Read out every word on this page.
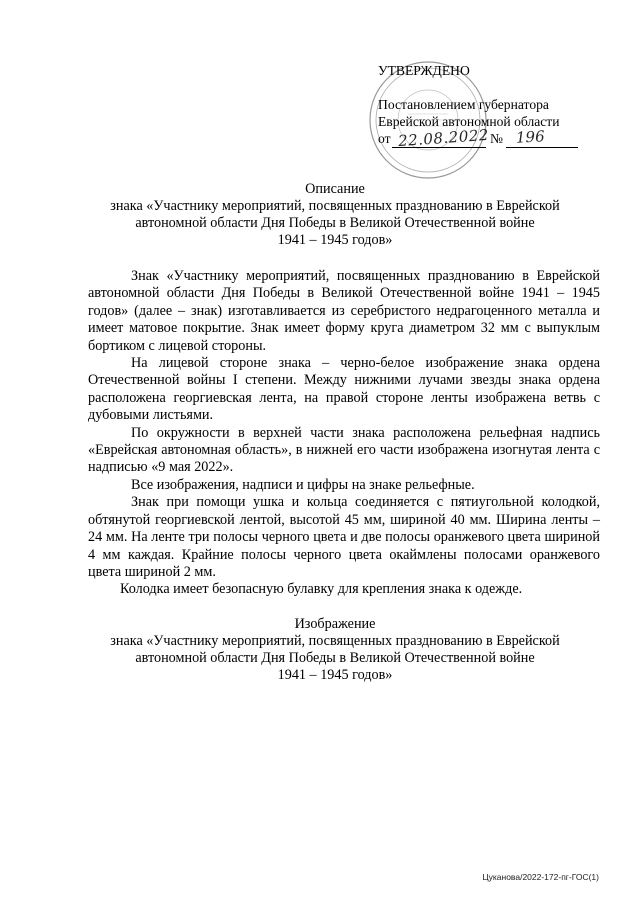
УТВЕРЖДЕНО
Постановлением губернатора
Еврейской автономной области
от 22.08.2022 № 196
Описание
знака «Участнику мероприятий, посвященных празднованию в Еврейской
автономной области Дня Победы в Великой Отечественной войне
1941 – 1945 годов»

Знак «Участнику мероприятий, посвященных празднованию в Еврейской автономной области Дня Победы в Великой Отечественной войне 1941 – 1945 годов» (далее – знак) изготавливается из серебристого недрагоценного металла и имеет матовое покрытие. Знак имеет форму круга диаметром 32 мм с выпуклым бортиком с лицевой стороны.

На лицевой стороне знака – черно-белое изображение знака ордена Отечественной войны I степени. Между нижними лучами звезды знака ордена расположена георгиевская лента, на правой стороне ленты изображена ветвь с дубовыми листьями.

По окружности в верхней части знака расположена рельефная надпись «Еврейская автономная область», в нижней его части изображена изогнутая лента с надписью «9 мая 2022».

Все изображения, надписи и цифры на знаке рельефные.

Знак при помощи ушка и кольца соединяется с пятиугольной колодкой, обтянутой георгиевской лентой, высотой 45 мм, шириной 40 мм. Ширина ленты – 24 мм. На ленте три полосы черного цвета и две полосы оранжевого цвета шириной 4 мм каждая. Крайние полосы черного цвета окаймлены полосами оранжевого цвета шириной 2 мм.

Колодка имеет безопасную булавку для крепления знака к одежде.

Изображение
знака «Участнику мероприятий, посвященных празднованию в Еврейской
автономной области Дня Победы в Великой Отечественной войне
1941 – 1945 годов»
Цуканова/2022-172-пг-ГОС(1)
